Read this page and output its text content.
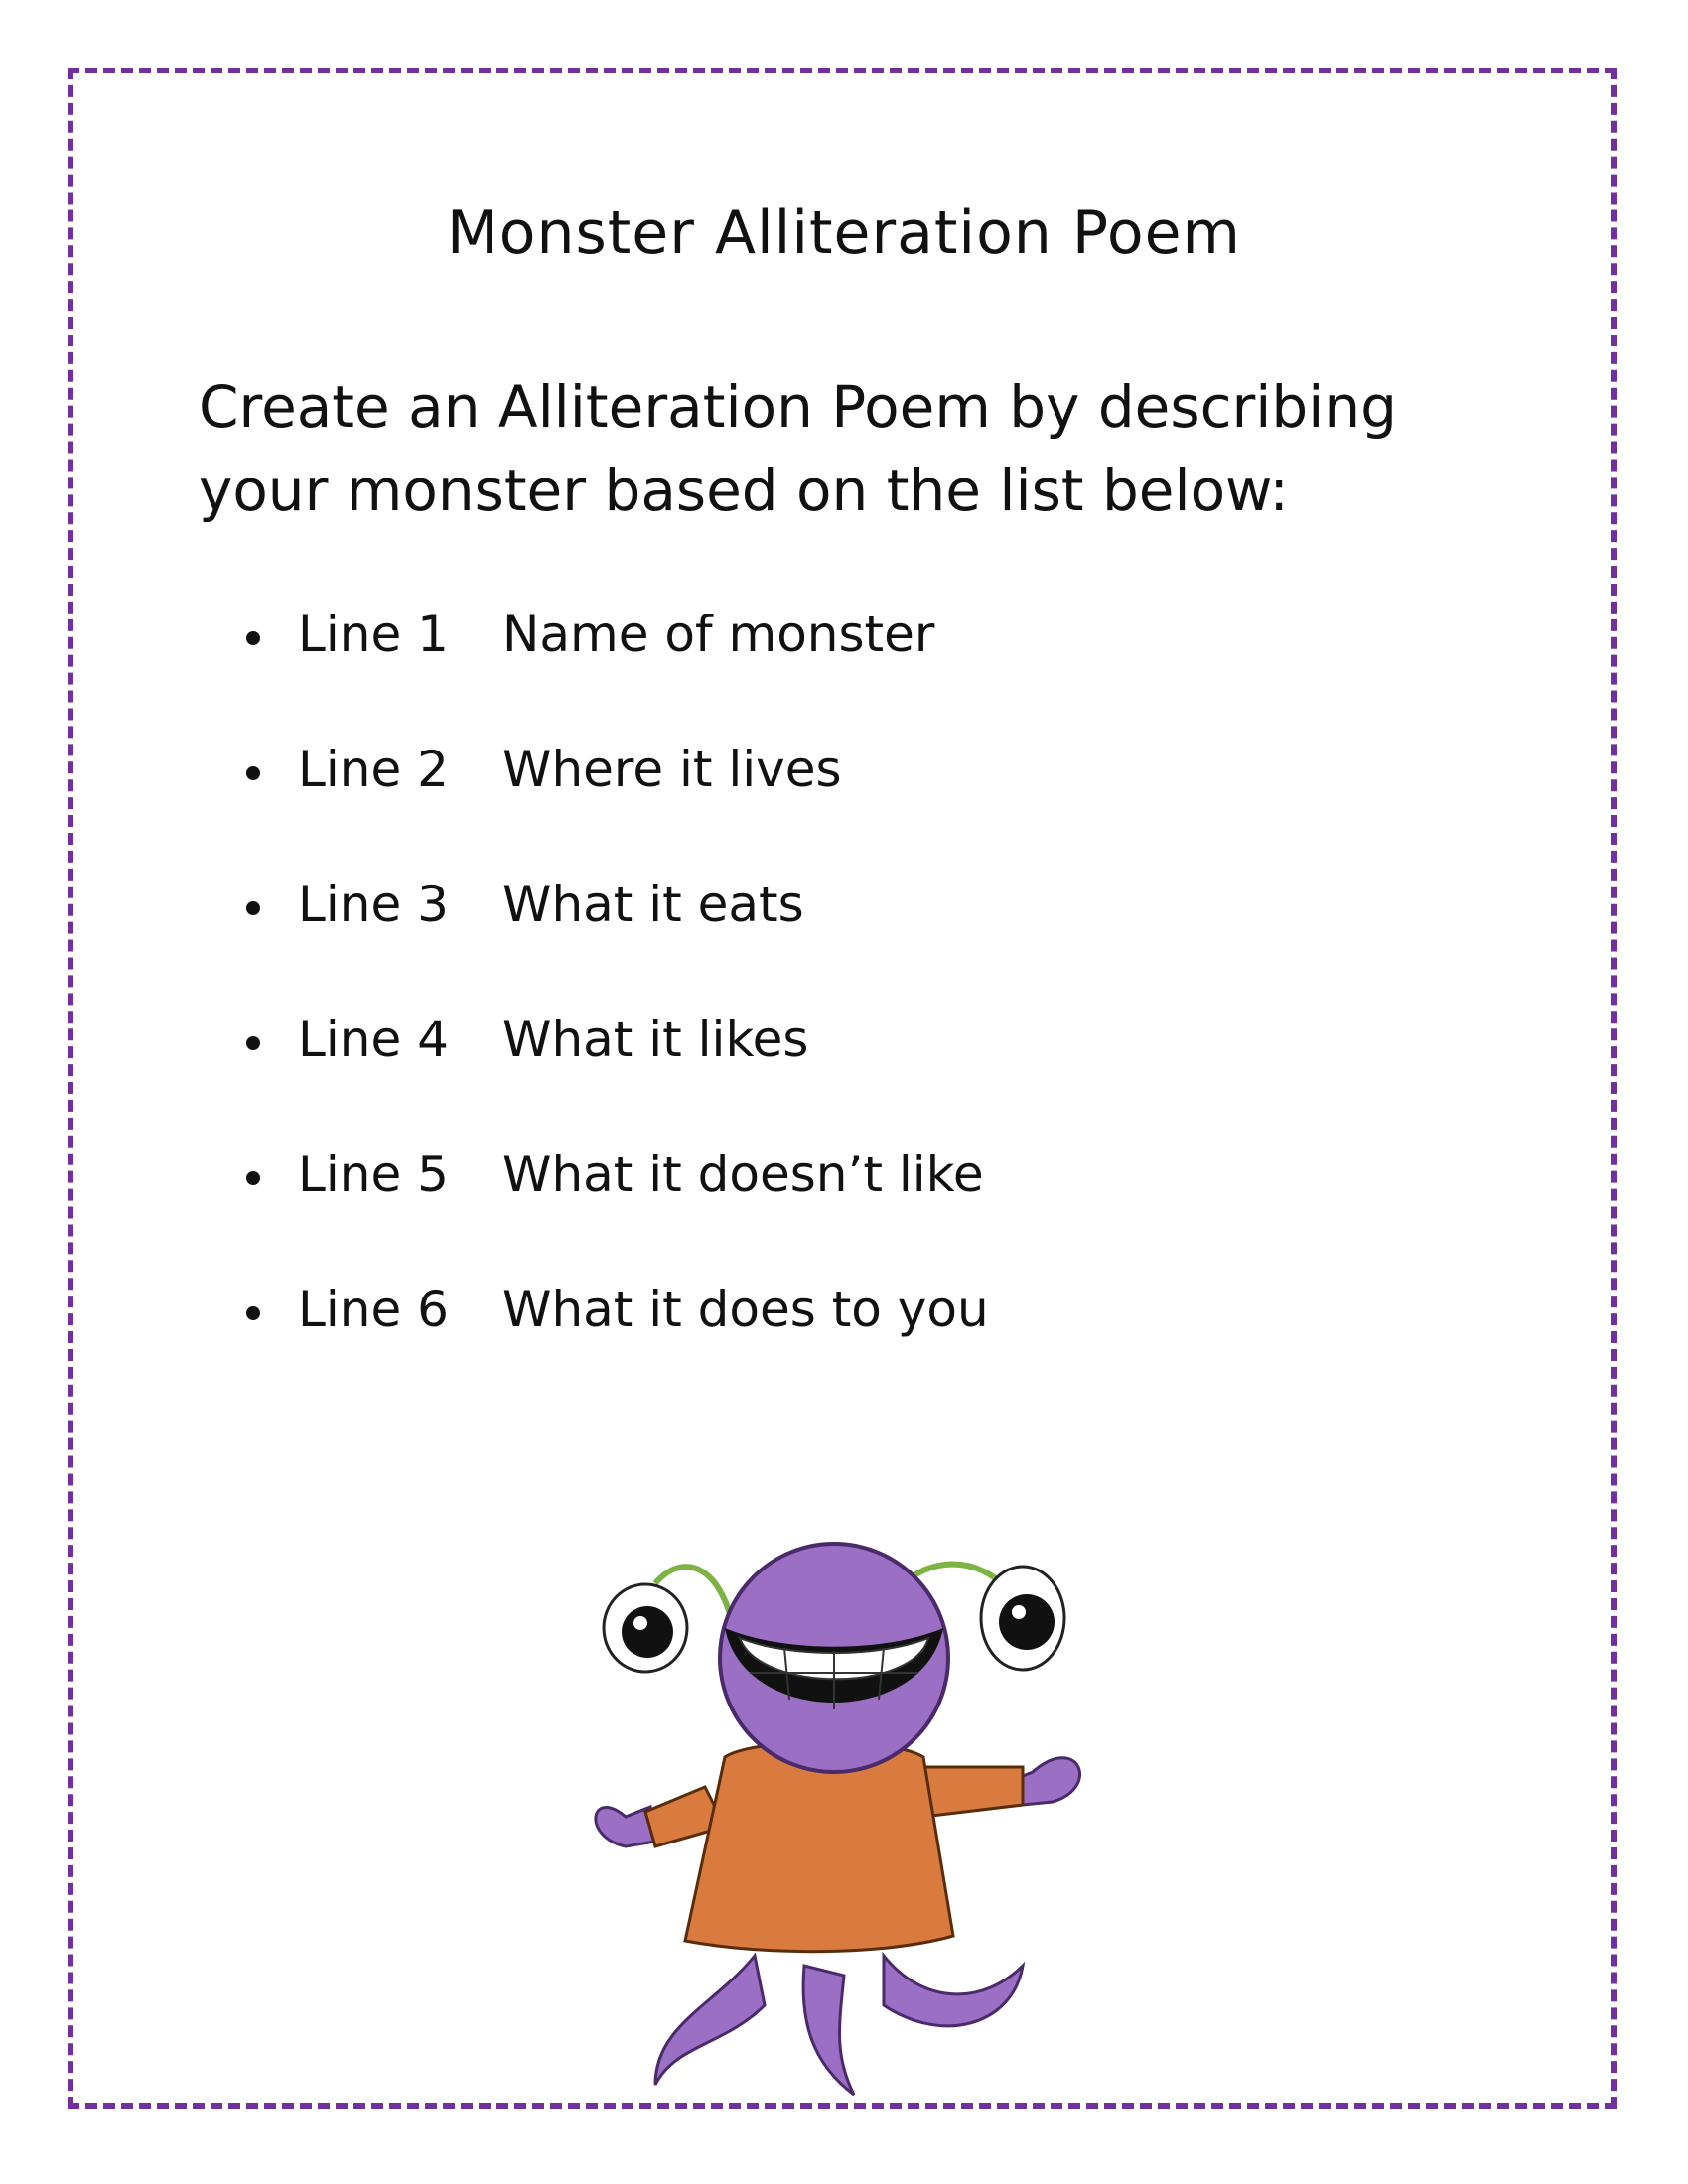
Monster Alliteration Poem
Create an Alliteration Poem by describing your monster based on the list below:
Line 1 Name of monster
Line 2 Where it lives
Line 3 What it eats
Line 4 What it likes
Line 5 What it doesn’t like
Line 6 What it does to you
